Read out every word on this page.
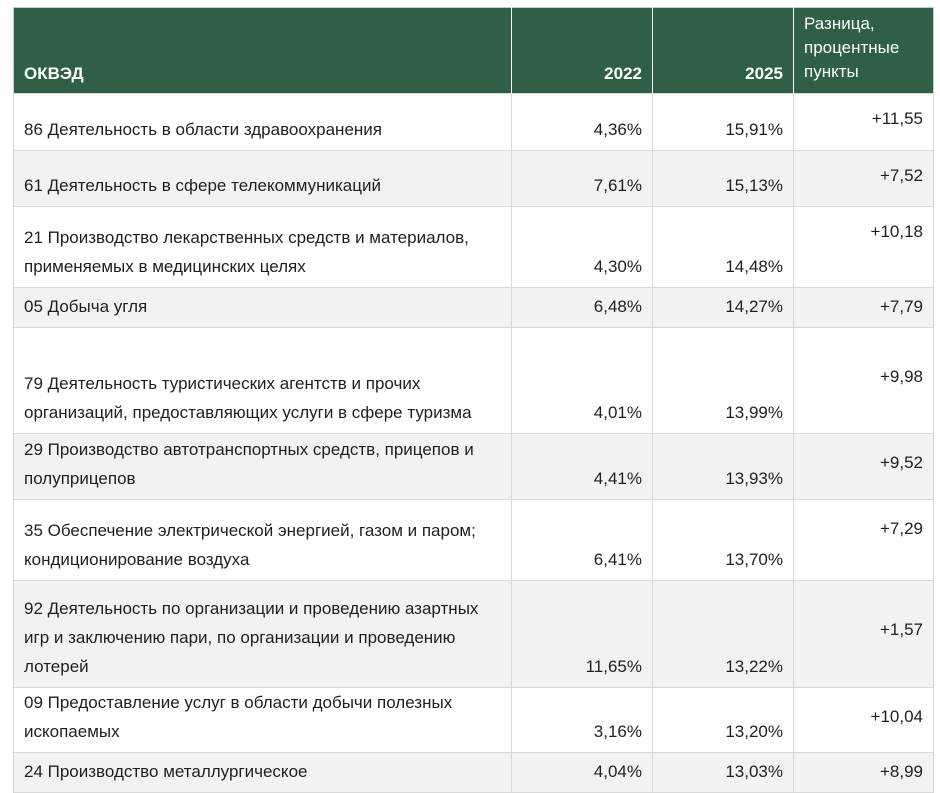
ОКВЭД	2022	2025	Разница, процентные пункты
86 Деятельность в области здравоохранения	4,36%	15,91%	+11,55
61 Деятельность в сфере телекоммуникаций	7,61%	15,13%	+7,52
21 Производство лекарственных средств и материалов, применяемых в медицинских целях	4,30%	14,48%	+10,18
05 Добыча угля	6,48%	14,27%	+7,79
79 Деятельность туристических агентств и прочих организаций, предоставляющих услуги в сфере туризма	4,01%	13,99%	+9,98
29 Производство автотранспортных средств, прицепов и полуприцепов	4,41%	13,93%	+9,52
35 Обеспечение электрической энергией, газом и паром; кондиционирование воздуха	6,41%	13,70%	+7,29
92 Деятельность по организации и проведению азартных игр и заключению пари, по организации и проведению лотерей	11,65%	13,22%	+1,57
09 Предоставление услуг в области добычи полезных ископаемых	3,16%	13,20%	+10,04
24 Производство металлургическое	4,04%	13,03%	+8,99
